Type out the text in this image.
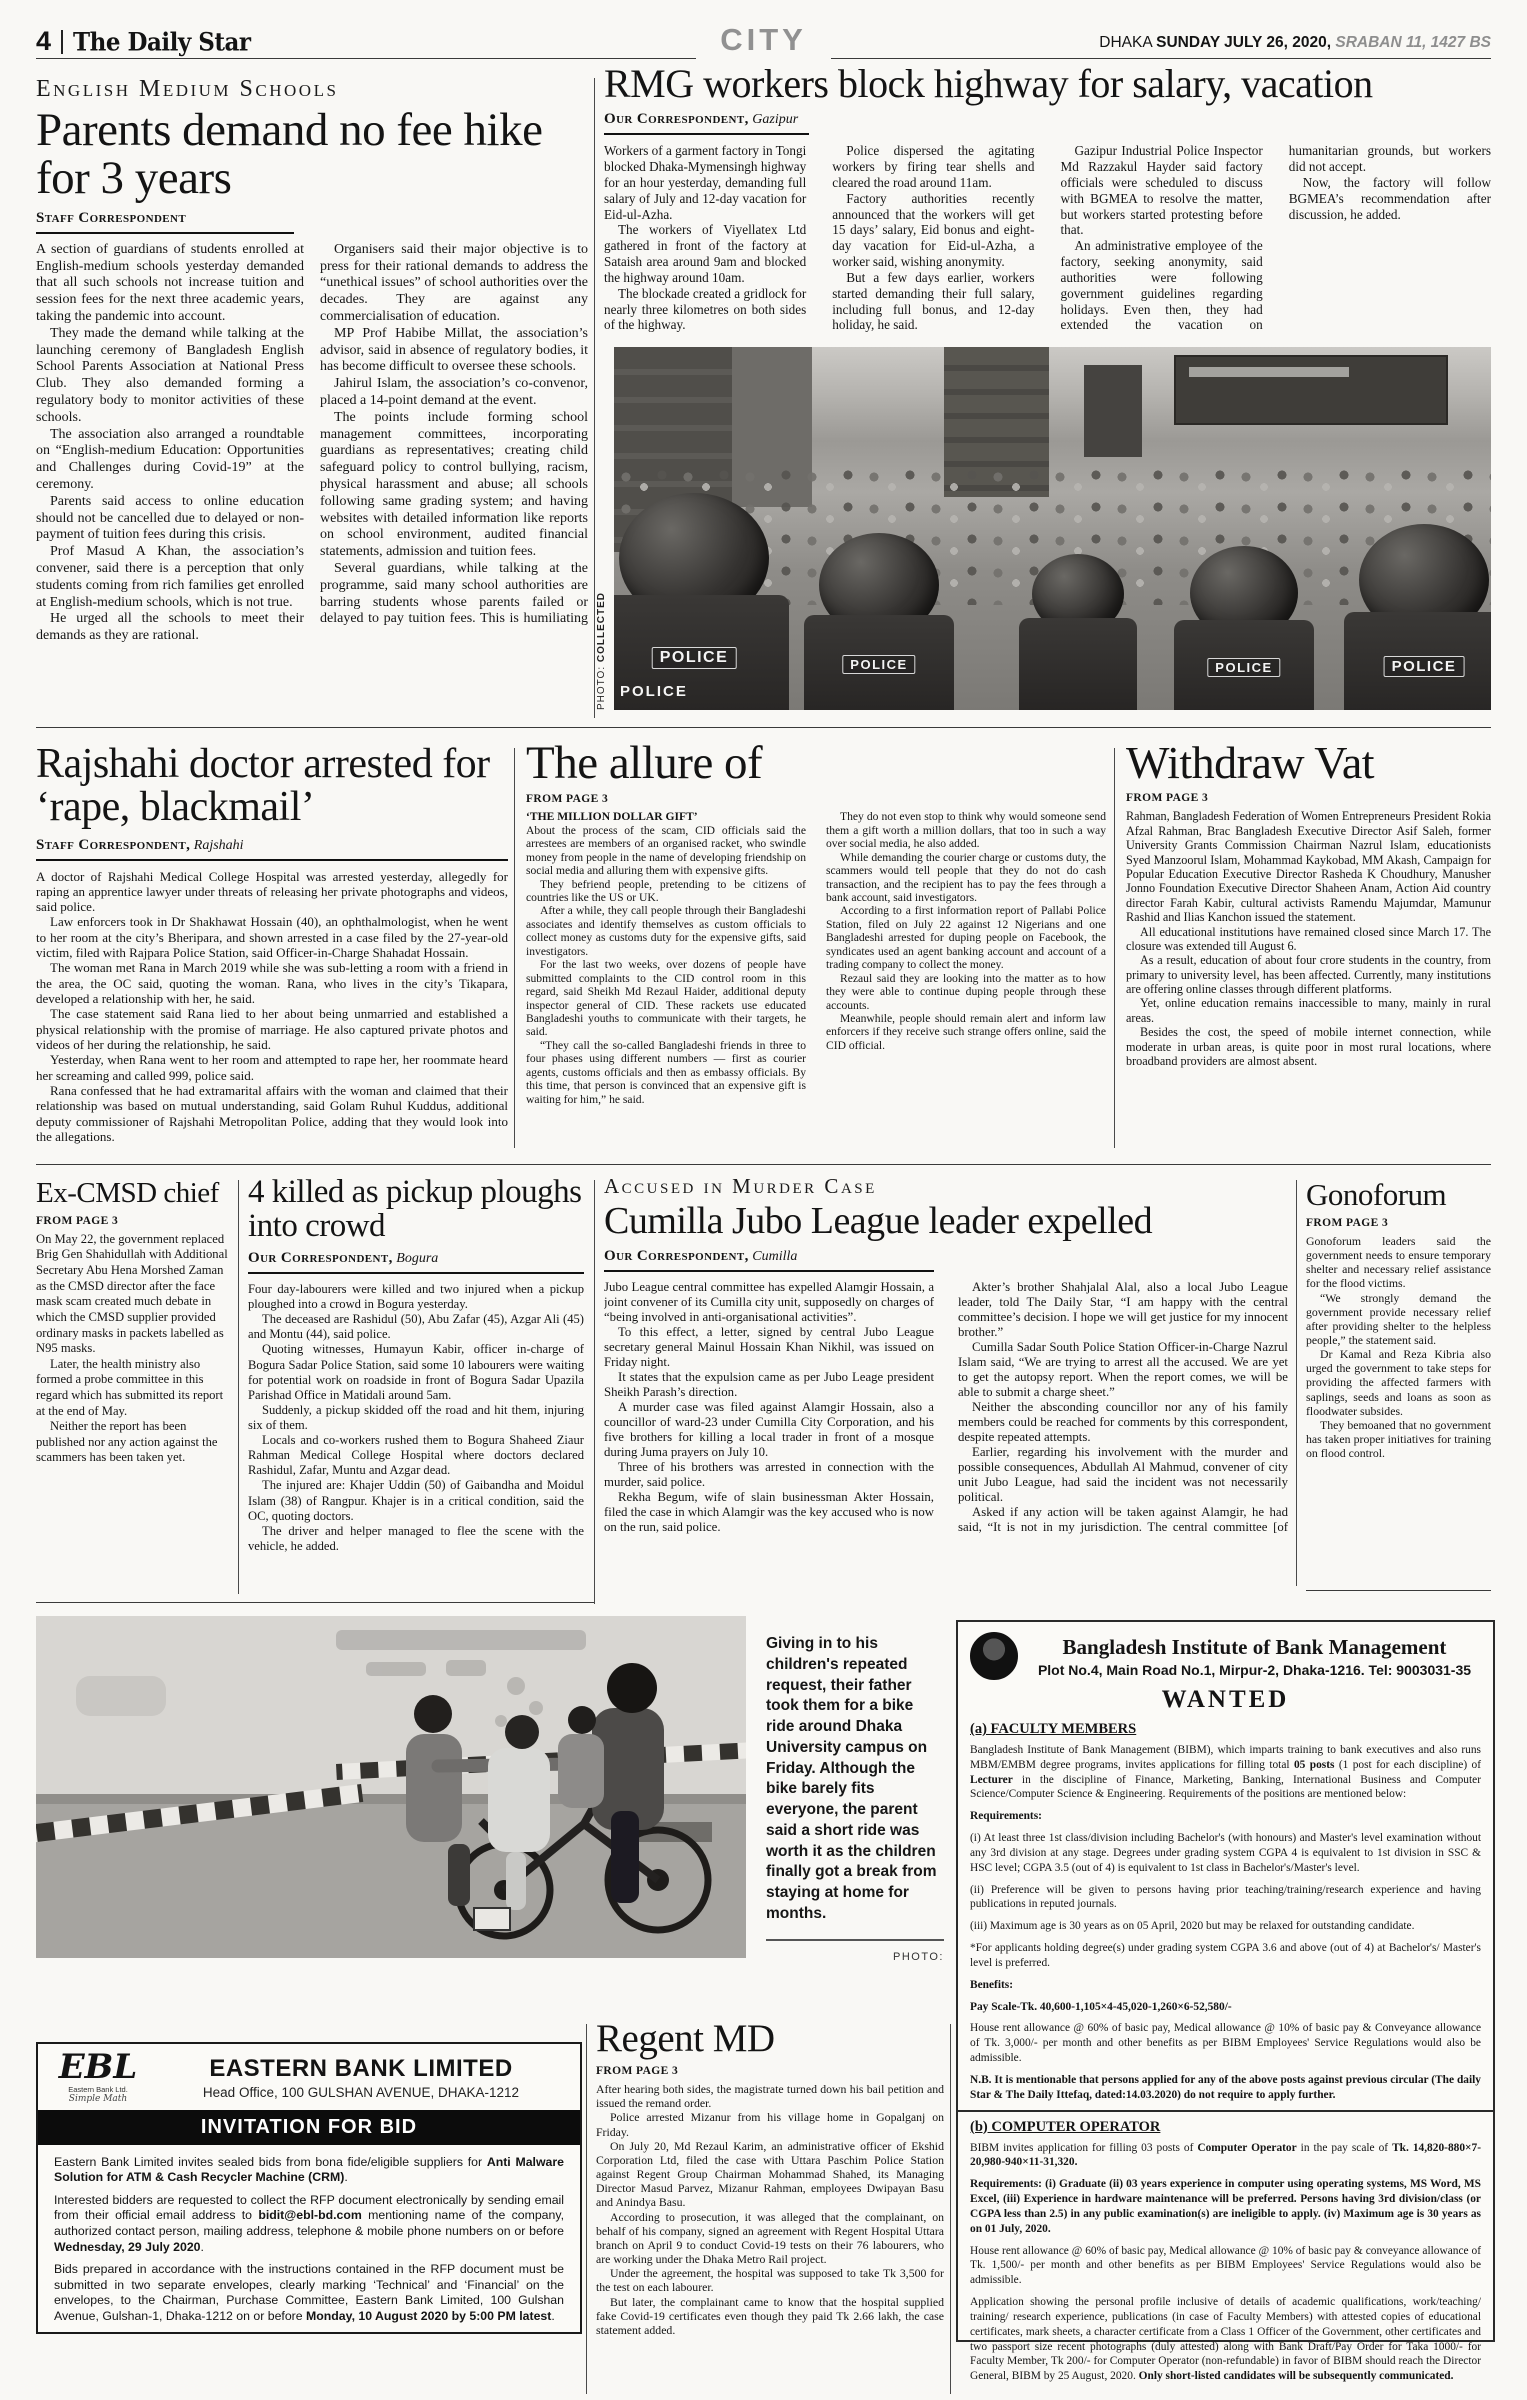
4 The Daily Star	CITY	DHAKA SUNDAY JULY 26, 2020, SRABAN 11, 1427 BS
English Medium Schools
Parents demand no fee hike for 3 years
Staff Correspondent

A section of guardians of students enrolled at English-medium schools yesterday demanded that all such schools not increase tuition and session fees for the next three academic years, taking the pandemic into account.

They made the demand while talking at the launching ceremony of Bangladesh English School Parents Association at National Press Club. They also demanded forming a regulatory body to monitor activities of these schools.

The association also arranged a roundtable on “English-medium Education: Opportunities and Challenges during Covid-19” at the ceremony.

Parents said access to online education should not be cancelled due to delayed or non-payment of tuition fees during this crisis.

Prof Masud A Khan, the association’s convener, said there is a perception that only students coming from rich families get enrolled at English-medium schools, which is not true.

He urged all the schools to meet their demands as they are rational.

Organisers said their major objective is to press for their rational demands to address the “unethical issues” of school authorities over the decades. They are against any commercialisation of education.

MP Prof Habibe Millat, the association’s advisor, said in absence of regulatory bodies, it has become difficult to oversee these schools.

Jahirul Islam, the association’s co-convenor, placed a 14-point demand at the event.

The points include forming school management committees, incorporating guardians as representatives; creating child safeguard policy to control bullying, racism, physical harassment and abuse; all schools following same grading system; and having websites with detailed information like reports on school environment, audited financial statements, admission and tuition fees.

Several guardians, while talking at the programme, said many school authorities are barring students whose parents failed or delayed to pay tuition fees. This is humiliating

RMG workers block highway for salary, vacation
Our Correspondent, Gazipur

Workers of a garment factory in Tongi blocked Dhaka-Mymensingh highway for an hour yesterday, demanding full salary of July and 12-day vacation for Eid-ul-Azha.

The workers of Viyellatex Ltd gathered in front of the factory at Sataish area around 9am and blocked the highway around 10am.

The blockade created a gridlock for nearly three kilometres on both sides of the highway.

Police dispersed the agitating workers by firing tear shells and cleared the road around 11am.

Factory authorities recently announced that the workers will get 15 days’ salary, Eid bonus and eight-day vacation for Eid-ul-Azha, a worker said, wishing anonymity.

But a few days earlier, workers started demanding their full salary, including full bonus, and 12-day holiday, he said.

Gazipur Industrial Police Inspector Md Razzakul Hayder said factory officials were scheduled to discuss with BGMEA to resolve the matter, but workers started protesting before that.

An administrative employee of the factory, seeking anonymity, said authorities were following government guidelines regarding holidays. Even then, they had extended the vacation on humanitarian grounds, but workers did not accept.

Now, the factory will follow BGMEA’s recommendation after discussion, he added.

POLICE	POLICE	POLICE	POLICE
POLICE
PHOTO: COLLECTED
Rajshahi doctor arrested for ‘rape, blackmail’
Staff Correspondent, Rajshahi

A doctor of Rajshahi Medical College Hospital was arrested yesterday, allegedly for raping an apprentice lawyer under threats of releasing her private photographs and videos, said police.

Law enforcers took in Dr Shakhawat Hossain (40), an ophthalmologist, when he went to her room at the city’s Bheripara, and shown arrested in a case filed by the 27-year-old victim, filed with Rajpara Police Station, said Officer-in-Charge Shahadat Hossain.

The woman met Rana in March 2019 while she was sub-letting a room with a friend in the area, the OC said, quoting the woman. Rana, who lives in the city’s Tikapara, developed a relationship with her, he said.

The case statement said Rana lied to her about being unmarried and established a physical relationship with the promise of marriage. He also captured private photos and videos of her during the relationship, he said.

Yesterday, when Rana went to her room and attempted to rape her, her roommate heard her screaming and called 999, police said.

Rana confessed that he had extramarital affairs with the woman and claimed that their relationship was based on mutual understanding, said Golam Ruhul Kuddus, additional deputy commissioner of Rajshahi Metropolitan Police, adding that they would look into the allegations.

The allure of
FROM PAGE 3

‘THE MILLION DOLLAR GIFT’

About the process of the scam, CID officials said the arrestees are members of an organised racket, who swindle money from people in the name of developing friendship on social media and alluring them with expensive gifts.

They befriend people, pretending to be citizens of countries like the US or UK.

After a while, they call people through their Bangladeshi associates and identify themselves as custom officials to collect money as customs duty for the expensive gifts, said investigators.

For the last two weeks, over dozens of people have submitted complaints to the CID control room in this regard, said Sheikh Md Rezaul Haider, additional deputy inspector general of CID. These rackets use educated Bangladeshi youths to communicate with their targets, he said.

“They call the so-called Bangladeshi friends in three to four phases using different numbers — first as courier agents, customs officials and then as embassy officials. By this time, that person is convinced that an expensive gift is waiting for him,” he said.

They do not even stop to think why would someone send them a gift worth a million dollars, that too in such a way over social media, he also added.

While demanding the courier charge or customs duty, the scammers would tell people that they do not do cash transaction, and the recipient has to pay the fees through a bank account, said investigators.

According to a first information report of Pallabi Police Station, filed on July 22 against 12 Nigerians and one Bangladeshi arrested for duping people on Facebook, the syndicates used an agent banking account and account of a trading company to collect the money.

Rezaul said they are looking into the matter as to how they were able to continue duping people through these accounts.

Meanwhile, people should remain alert and inform law enforcers if they receive such strange offers online, said the CID official.

Withdraw Vat
FROM PAGE 3

Rahman, Bangladesh Federation of Women Entrepreneurs President Rokia Afzal Rahman, Brac Bangladesh Executive Director Asif Saleh, former University Grants Commission Chairman Nazrul Islam, educationists Syed Manzoorul Islam, Mohammad Kaykobad, MM Akash, Campaign for Popular Education Executive Director Rasheda K Choudhury, Manusher Jonno Foundation Executive Director Shaheen Anam, Action Aid country director Farah Kabir, cultural activists Ramendu Majumdar, Mamunur Rashid and Ilias Kanchon issued the statement.

All educational institutions have remained closed since March 17. The closure was extended till August 6.

As a result, education of about four crore students in the country, from primary to university level, has been affected. Currently, many institutions are offering online classes through different platforms.

Yet, online education remains inaccessible to many, mainly in rural areas.

Besides the cost, the speed of mobile internet connection, while moderate in urban areas, is quite poor in most rural locations, where broadband providers are almost absent.

Ex-CMSD chief
FROM PAGE 3

On May 22, the government replaced Brig Gen Shahidullah with Additional Secretary Abu Hena Morshed Zaman as the CMSD director after the face mask scam created much debate in which the CMSD supplier provided ordinary masks in packets labelled as N95 masks.

Later, the health ministry also formed a probe committee in this regard which has submitted its report at the end of May.

Neither the report has been published nor any action against the scammers has been taken yet.

4 killed as pickup ploughs into crowd
Our Correspondent, Bogura

Four day-labourers were killed and two injured when a pickup ploughed into a crowd in Bogura yesterday.

The deceased are Rashidul (50), Abu Zafar (45), Azgar Ali (45) and Montu (44), said police.

Quoting witnesses, Humayun Kabir, officer in-charge of Bogura Sadar Police Station, said some 10 labourers were waiting for potential work on roadside in front of Bogura Sadar Upazila Parishad Office in Matidali around 5am.

Suddenly, a pickup skidded off the road and hit them, injuring six of them.

Locals and co-workers rushed them to Bogura Shaheed Ziaur Rahman Medical College Hospital where doctors declared Rashidul, Zafar, Muntu and Azgar dead.

The injured are: Khajer Uddin (50) of Gaibandha and Moidul Islam (38) of Rangpur. Khajer is in a critical condition, said the OC, quoting doctors.

The driver and helper managed to flee the scene with the vehicle, he added.

Accused in Murder Case
Cumilla Jubo League leader expelled
Our Correspondent, Cumilla

Jubo League central committee has expelled Alamgir Hossain, a joint convener of its Cumilla city unit, supposedly on charges of “being involved in anti-organisational activities”.

To this effect, a letter, signed by central Jubo League secretary general Mainul Hossain Khan Nikhil, was issued on Friday night.

It states that the expulsion came as per Jubo Leage president Sheikh Parash’s direction.

A murder case was filed against Alamgir Hossain, also a councillor of ward-23 under Cumilla City Corporation, and his five brothers for killing a local trader in front of a mosque during Juma prayers on July 10.

Three of his brothers was arrested in connection with the murder, said police.

Rekha Begum, wife of slain businessman Akter Hossain, filed the case in which Alamgir was the key accused who is now on the run, said police.

Akter’s brother Shahjalal Alal, also a local Jubo League leader, told The Daily Star, “I am happy with the central committee’s decision. I hope we will get justice for my innocent brother.”

Cumilla Sadar South Police Station Officer-in-Charge Nazrul Islam said, “We are trying to arrest all the accused. We are yet to get the autopsy report. When the report comes, we will be able to submit a charge sheet.”

Neither the absconding councillor nor any of his family members could be reached for comments by this correspondent, despite repeated attempts.

Earlier, regarding his involvement with the murder and possible consequences, Abdullah Al Mahmud, convener of city unit Jubo League, had said the incident was not necessarily political.

Asked if any action will be taken against Alamgir, he had said, “It is not in my jurisdiction. The central committee [of

Gonoforum
FROM PAGE 3

Gonoforum leaders said the government needs to ensure temporary shelter and necessary relief assistance for the flood victims.

“We strongly demand the government provide necessary relief after providing shelter to the helpless people,” the statement said.

Dr Kamal and Reza Kibria also urged the government to take steps for providing the affected farmers with saplings, seeds and loans as soon as floodwater subsides.

They bemoaned that no government has taken proper initiatives for training on flood control.

Giving in to his children's repeated request, their father took them for a bike ride around Dhaka University campus on Friday. Although the bike barely fits everyone, the parent said a short ride was worth it as the children finally got a break from staying at home for months.
PHOTO:
Bangladesh Institute of Bank Management
Plot No.4, Main Road No.1, Mirpur-2, Dhaka-1216. Tel: 9003031-35
WANTED
(a) FACULTY MEMBERS

Bangladesh Institute of Bank Management (BIBM), which imparts training to bank executives and also runs MBM/EMBM degree programs, invites applications for filling total 05 posts (1 post for each discipline) of Lecturer in the discipline of Finance, Marketing, Banking, International Business and Computer Science/Computer Science & Engineering. Requirements of the positions are mentioned below:

Requirements:

(i) At least three 1st class/division including Bachelor's (with honours) and Master's level examination without any 3rd division at any stage. Degrees under grading system CGPA 4 is equivalent to 1st division in SSC & HSC level; CGPA 3.5 (out of 4) is equivalent to 1st class in Bachelor's/Master's level.

(ii) Preference will be given to persons having prior teaching/training/research experience and having publications in reputed journals.

(iii) Maximum age is 30 years as on 05 April, 2020 but may be relaxed for outstanding candidate.

*For applicants holding degree(s) under grading system CGPA 3.6 and above (out of 4) at Bachelor's/ Master's level is preferred.

Benefits:

Pay Scale-Tk. 40,600-1,105×4-45,020-1,260×6-52,580/-

House rent allowance @ 60% of basic pay, Medical allowance @ 10% of basic pay & Conveyance allowance of Tk. 3,000/- per month and other benefits as per BIBM Employees' Service Regulations would also be admissible.

N.B. It is mentionable that persons applied for any of the above posts against previous circular (The daily Star & The Daily Ittefaq, dated:14.03.2020) do not require to apply further.

(b) COMPUTER OPERATOR

BIBM invites application for filling 03 posts of Computer Operator in the pay scale of Tk. 14,820-880×7-20,980-940×11-31,320.

Requirements: (i) Graduate (ii) 03 years experience in computer using operating systems, MS Word, MS Excel, (iii) Experience in hardware maintenance will be preferred. Persons having 3rd division/class (or CGPA less than 2.5) in any public examination(s) are ineligible to apply. (iv) Maximum age is 30 years as on 01 July, 2020.

House rent allowance @ 60% of basic pay, Medical allowance @ 10% of basic pay & conveyance allowance of Tk. 1,500/- per month and other benefits as per BIBM Employees' Service Regulations would also be admissible.

Application showing the personal profile inclusive of details of academic qualifications, work/teaching/ training/ research experience, publications (in case of Faculty Members) with attested copies of educational certificates, mark sheets, a character certificate from a Class 1 Officer of the Government, other certificates and two passport size recent photographs (duly attested) along with Bank Draft/Pay Order for Taka 1000/- for Faculty Member, Tk 200/- for Computer Operator (non-refundable) in favor of BIBM should reach the Director General, BIBM by 25 August, 2020. Only short-listed candidates will be subsequently communicated.

EBL
Eastern Bank Ltd.
Simple Math
EASTERN BANK LIMITED
Head Office, 100 GULSHAN AVENUE, DHAKA-1212
INVITATION FOR BID

Eastern Bank Limited invites sealed bids from bona fide/eligible suppliers for Anti Malware Solution for ATM & Cash Recycler Machine (CRM).

Interested bidders are requested to collect the RFP document electronically by sending email from their official email address to bidit@ebl-bd.com mentioning name of the company, authorized contact person, mailing address, telephone & mobile phone numbers on or before Wednesday, 29 July 2020.

Bids prepared in accordance with the instructions contained in the RFP document must be submitted in two separate envelopes, clearly marking ‘Technical’ and ‘Financial’ on the envelopes, to the Chairman, Purchase Committee, Eastern Bank Limited, 100 Gulshan Avenue, Gulshan-1, Dhaka-1212 on or before Monday, 10 August 2020 by 5:00 PM latest.

Regent MD
FROM PAGE 3

After hearing both sides, the magistrate turned down his bail petition and issued the remand order.

Police arrested Mizanur from his village home in Gopalganj on Friday.

On July 20, Md Rezaul Karim, an administrative officer of Ekshid Corporation Ltd, filed the case with Uttara Paschim Police Station against Regent Group Chairman Mohammad Shahed, its Managing Director Masud Parvez, Mizanur Rahman, employees Dwipayan Basu and Anindya Basu.

According to prosecution, it was alleged that the complainant, on behalf of his company, signed an agreement with Regent Hospital Uttara branch on April 9 to conduct Covid-19 tests on their 76 labourers, who are working under the Dhaka Metro Rail project.

Under the agreement, the hospital was supposed to take Tk 3,500 for the test on each labourer.

But later, the complainant came to know that the hospital supplied fake Covid-19 certificates even though they paid Tk 2.66 lakh, the case statement added.
